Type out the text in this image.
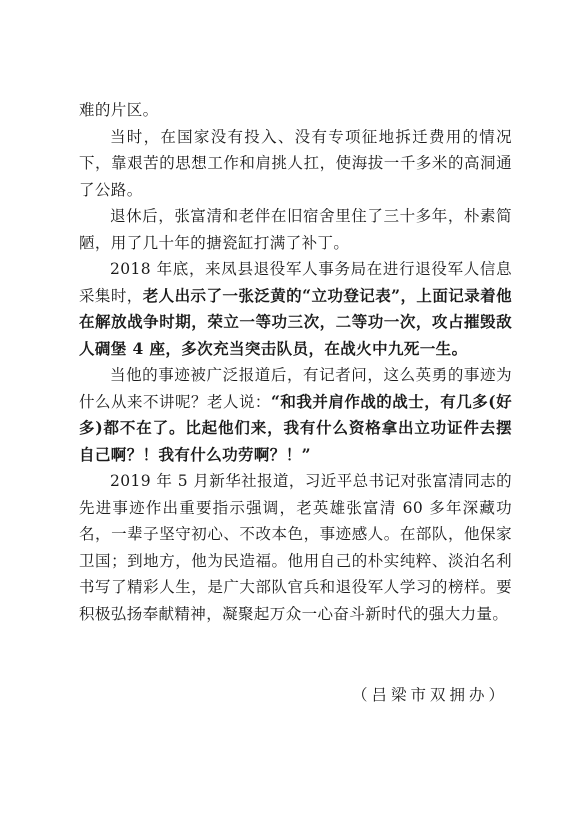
难的片区。

当时，在国家没有投入、没有专项征地拆迁费用的情况下，靠艰苦的思想工作和肩挑人扛，使海拔一千多米的高洞通了公路。

退休后，张富清和老伴在旧宿舍里住了三十多年，朴素简陋，用了几十年的搪瓷缸打满了补丁。

2018 年底，来凤县退役军人事务局在进行退役军人信息采集时，老人出示了一张泛黄的“立功登记表”，上面记录着他在解放战争时期，荣立一等功三次，二等功一次，攻占摧毁敌人碉堡 4 座，多次充当突击队员，在战火中九死一生。

当他的事迹被广泛报道后，有记者问，这么英勇的事迹为什么从来不讲呢？老人说：“和我并肩作战的战士，有几多(好多)都不在了。比起他们来，我有什么资格拿出立功证件去摆自己啊？！我有什么功劳啊？！”

2019 年 5 月新华社报道，习近平总书记对张富清同志的先进事迹作出重要指示强调，老英雄张富清 60 多年深藏功名，一辈子坚守初心、不改本色，事迹感人。在部队，他保家卫国；到地方，他为民造福。他用自己的朴实纯粹、淡泊名利书写了精彩人生，是广大部队官兵和退役军人学习的榜样。要积极弘扬奉献精神，凝聚起万众一心奋斗新时代的强大力量。

（吕梁市双拥办）
